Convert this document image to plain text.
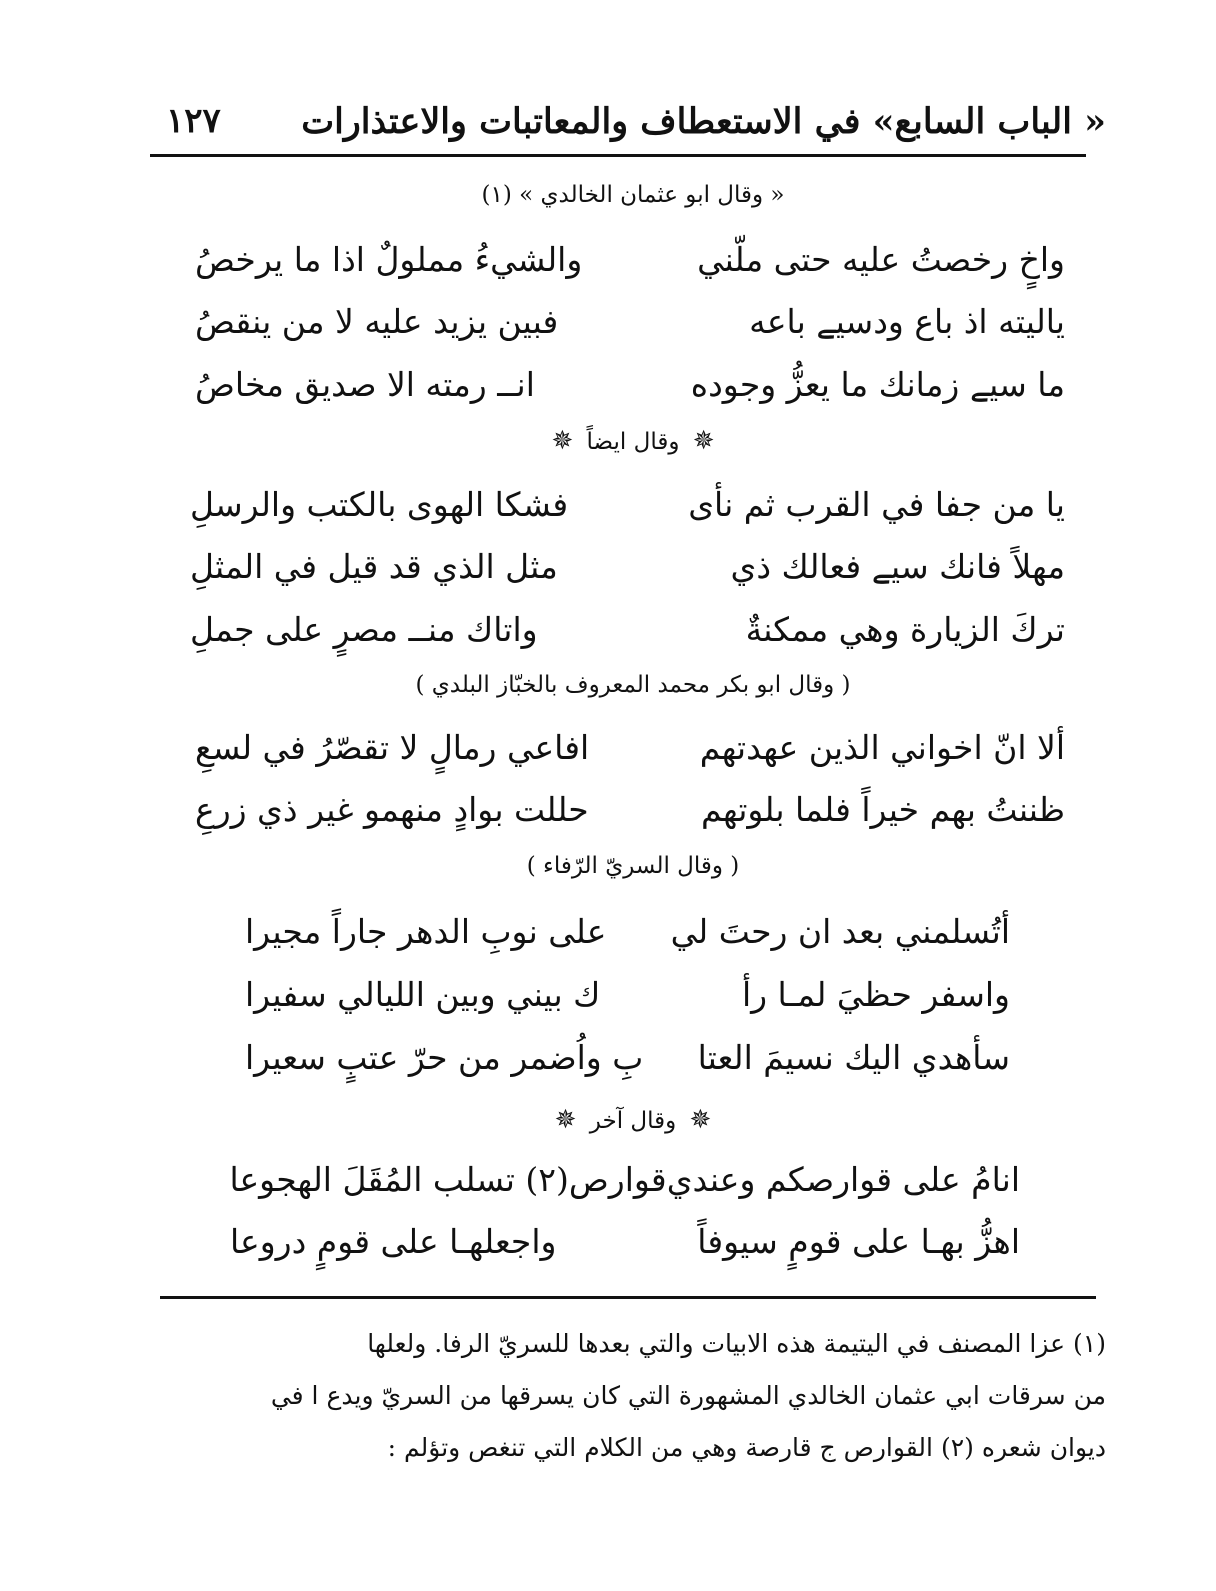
« الباب السابع» في الاستعطاف والمعاتبات والاعتذارات
١٢٧
« وقال ابو عثمان الخالدي » (١)
واخٍ رخصتُ عليه حتى ملّني
والشيءُ مملولٌ اذا ما يرخصُ
ياليته اذ باع ودسيے باعه
فبين يزيد عليه لا من ينقصُ
ما سيے زمانك ما يعزُّ وجوده
انــ رمته الا صديق مخاصُ
✵ وقال ايضاً ✵
يا من جفا في القرب ثم نأى
فشكا الهوى بالكتب والرسلِ
مهلاً فانك سيے فعالك ذي
مثل الذي قد قيل في المثلِ
تركَ الزيارة وهي ممكنةٌ
واتاك منــ مصرٍ على جملِ
( وقال ابو بكر محمد المعروف بالخبّاز البلدي )
ألا انّ اخواني الذين عهدتهم
افاعي رمالٍ لا تقصّرُ في لسعِ
ظننتُ بهم خيراً فلما بلوتهم
حللت بوادٍ منهمو غير ذي زرعِ
( وقال السريّ الرّفاء )
أتُسلمني بعد ان رحتَ لي
على نوبِ الدهر جاراً مجيرا
واسفر حظيَ لمـا رأ
ك بيني وبين الليالي سفيرا
سأهدي اليك نسيمَ العتا
بِ واُضمر من حرّ عتبٍ سعيرا
✵ وقال آخر ✵
انامُ على قوارصكم وعندي
قوارص(٢) تسلب المُقَلَ الهجوعا
اهزُّ بهـا على قومٍ سيوفاً
واجعلهـا على قومٍ دروعا
(١) عزا المصنف في اليتيمة هذه الابيات والتي بعدها للسريّ الرفا. ولعلها
من سرقات ابي عثمان الخالدي المشهورة التي كان يسرقها من السريّ ويدع ا في
ديوان شعره (٢) القوارص ج قارصة وهي من الكلام التي تنغص وتؤلم :
